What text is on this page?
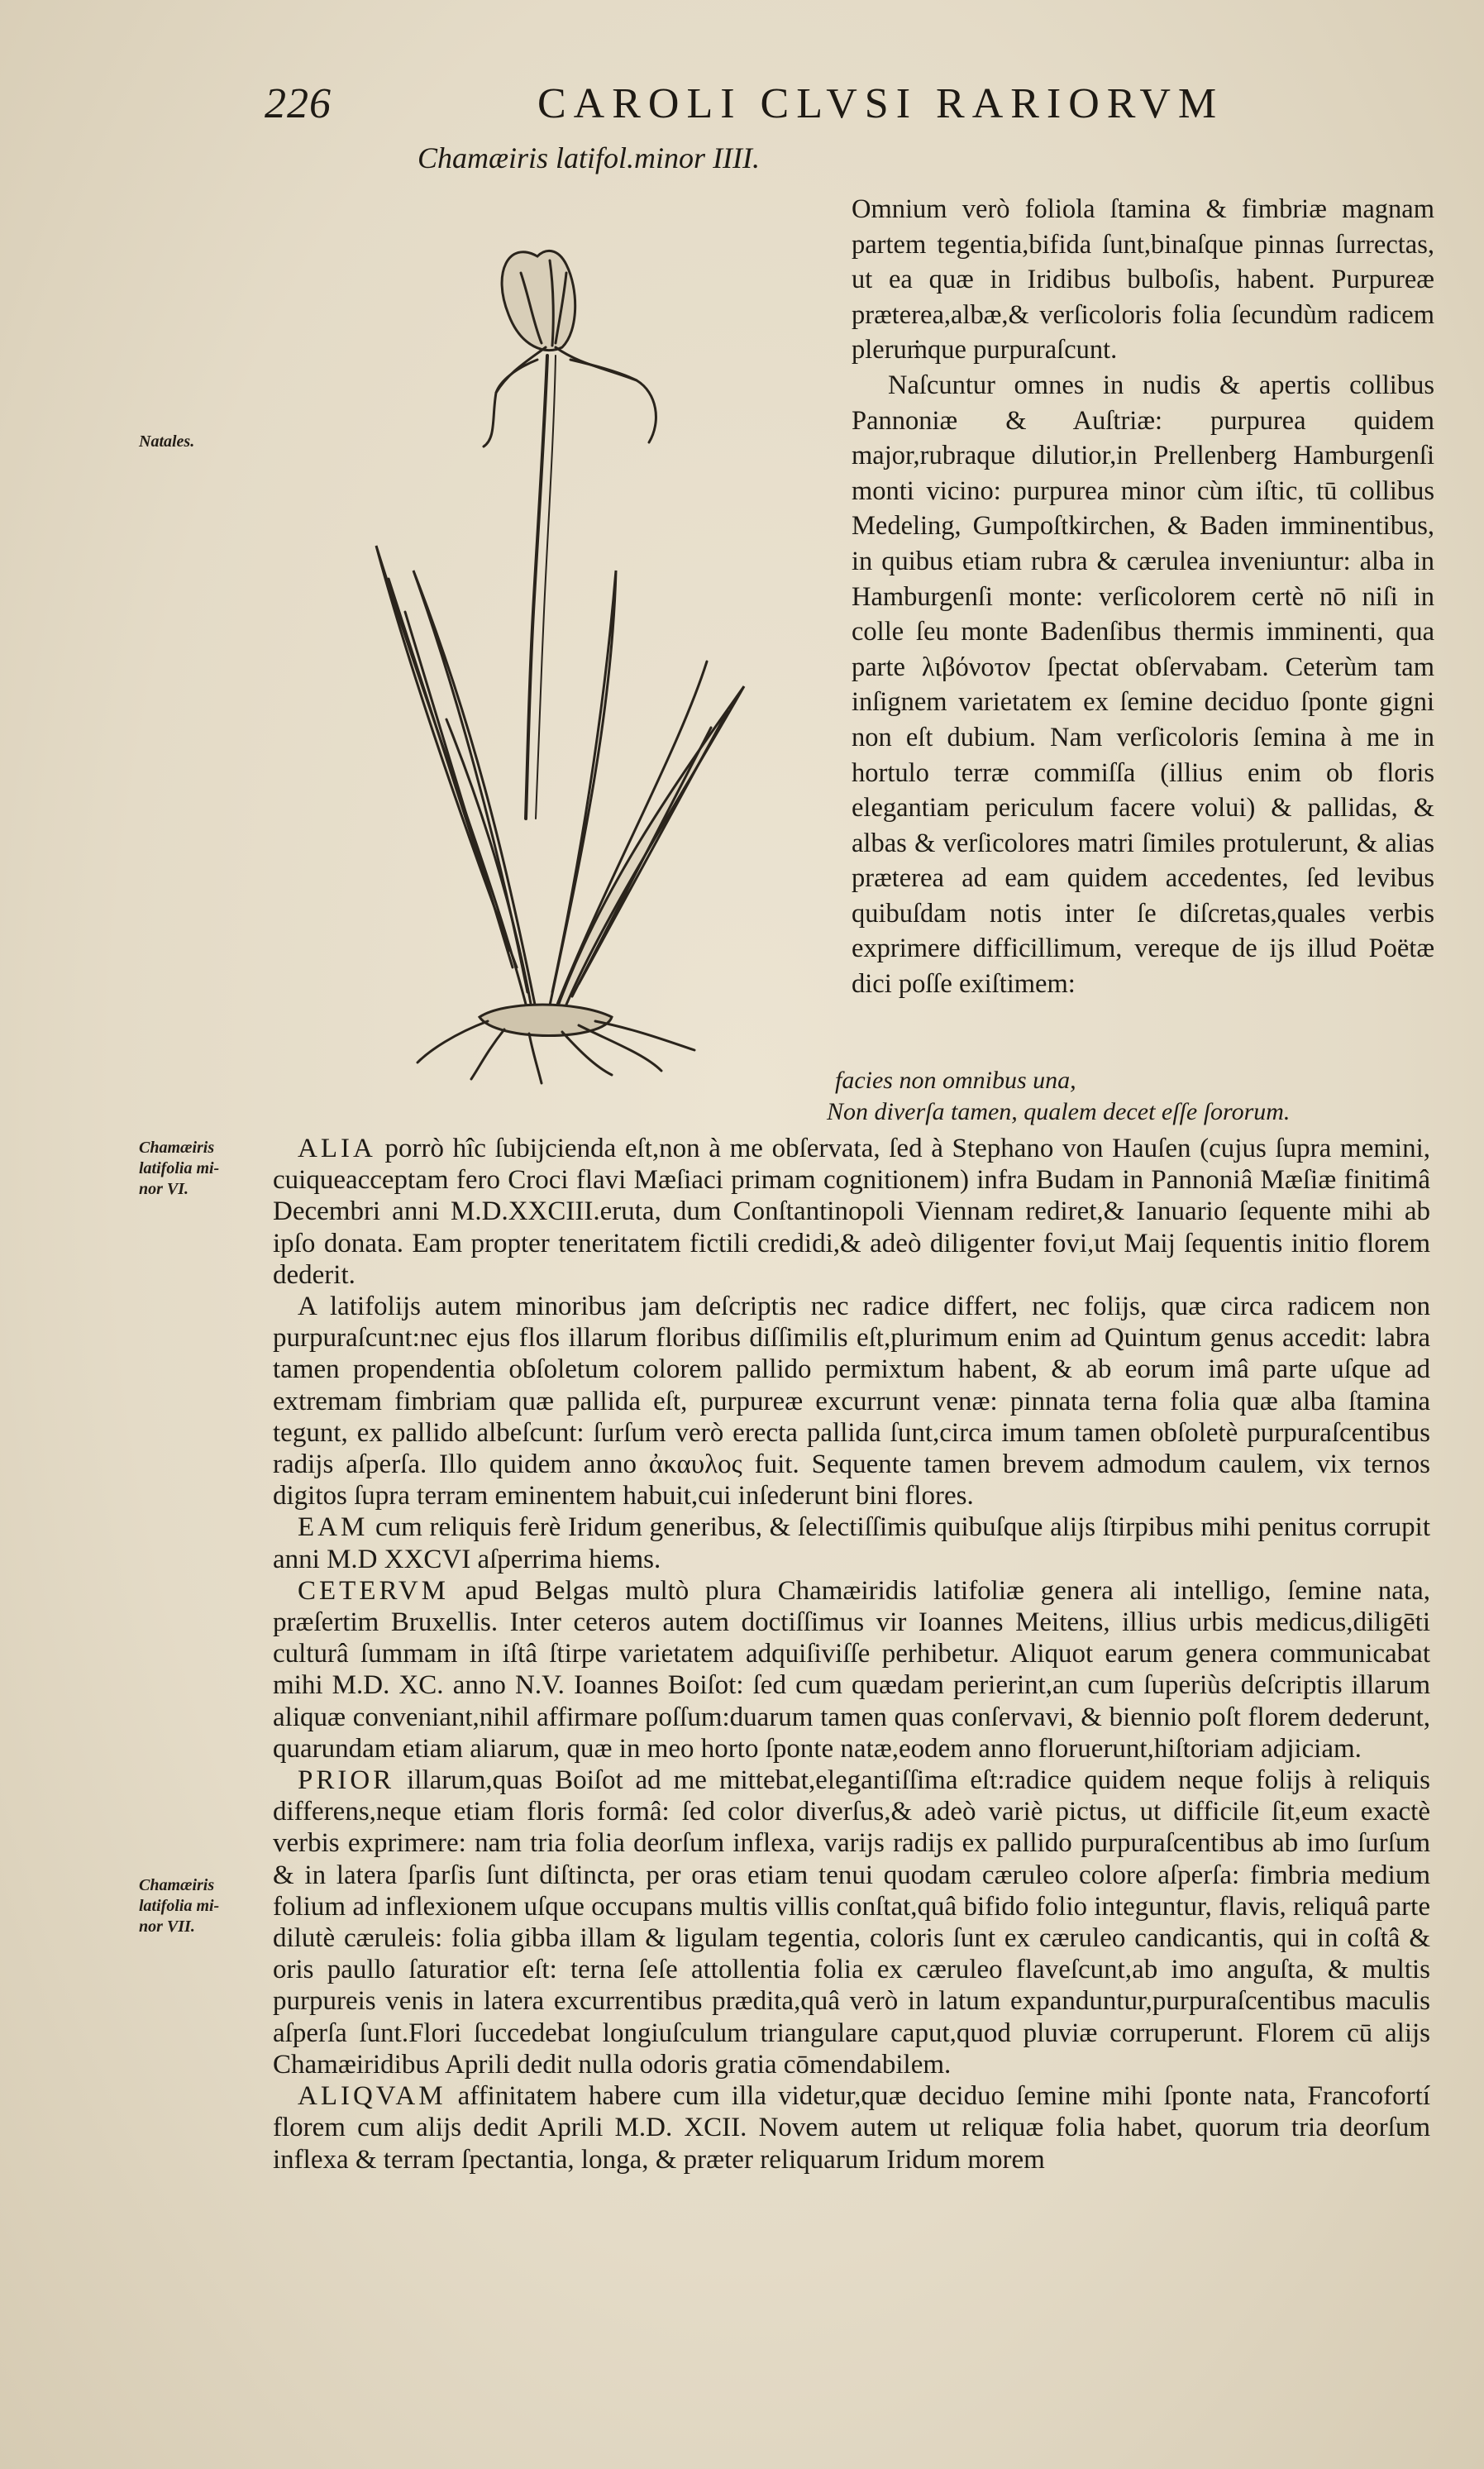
226	CAROLI CLVSI RARIORVM
Chamæiris latifol.minor IIII.

Omnium verò foliola ſtamina & fimbriæ magnam partem tegentia,bifida ſunt,binaſque pinnas ſurrectas, ut ea quæ in Iridibus bulboſis, habent. Purpureæ præterea,albæ,& verſicoloris folia ſecundùm radicem pleruṁque purpuraſcunt.

Naſcuntur omnes in nudis & apertis collibus Pannoniæ & Auſtriæ: purpurea quidem major,rubraque dilutior,in Prellenberg Hamburgenſi monti vicino: purpurea minor cùm iſtic, tū collibus Medeling, Gumpoſtkirchen, & Baden imminentibus, in quibus etiam rubra & cærulea inveniuntur: alba in Hamburgenſi monte: verſicolorem certè nō niſi in colle ſeu monte Badenſibus thermis imminenti, qua parte λιβόνοτον ſpectat obſervabam. Ceterùm tam inſignem varietatem ex ſemine deciduo ſponte gigni non eſt dubium. Nam verſicoloris ſemina à me in hortulo terræ commiſſa (illius enim ob floris elegantiam periculum facere volui) & pallidas, & albas & verſicolores matri ſimiles protulerunt, & alias præterea ad eam quidem accedentes, ſed levibus quibuſdam notis inter ſe diſcretas,quales verbis exprimere difficillimum, vereque de ijs illud Poëtæ dici poſſe exiſtimem:

facies non omnibus una,
Non diverſa tamen, qualem decet eſſe ſororum.
Natales.
Chamæiris
latifolia mi-
nor VI.
Chamæiris
latifolia mi-
nor VII.

ALIA porrò hîc ſubijcienda eſt,non à me obſervata, ſed à Stephano von Hauſen (cujus ſupra memini, cuiqueacceptam fero Croci flavi Mæſiaci primam cognitionem) infra Budam in Pannoniâ Mæſiæ finitimâ Decembri anni M.D.XXCIII.eruta, dum Conſtantinopoli Viennam rediret,& Ianuario ſequente mihi ab ipſo donata. Eam propter teneritatem fictili credidi,& adeò diligenter fovi,ut Maij ſequentis initio florem dederit.

A latifolijs autem minoribus jam deſcriptis nec radice differt, nec folijs, quæ circa radicem non purpuraſcunt:nec ejus flos illarum floribus diſſimilis eſt,plurimum enim ad Quintum genus accedit: labra tamen propendentia obſoletum colorem pallido permixtum habent, & ab eorum imâ parte uſque ad extremam fimbriam quæ pallida eſt, purpureæ excurrunt venæ: pinnata terna folia quæ alba ſtamina tegunt, ex pallido albeſcunt: ſurſum verò erecta pallida ſunt,circa imum tamen obſoletè purpuraſcentibus radijs aſperſa. Illo quidem anno ἀκαυλος fuit. Sequente tamen brevem admodum caulem, vix ternos digitos ſupra terram eminentem habuit,cui inſederunt bini flores.

EAM cum reliquis ferè Iridum generibus, & ſelectiſſimis quibuſque alijs ſtirpibus mihi penitus corrupit anni M.D XXCVI aſperrima hiems.

CETERVM apud Belgas multò plura Chamæiridis latifoliæ genera ali intelligo, ſemine nata, præſertim Bruxellis. Inter ceteros autem doctiſſimus vir Ioannes Meitens, illius urbis medicus,diligēti culturâ ſummam in iſtâ ſtirpe varietatem adquiſiviſſe perhibetur. Aliquot earum genera communicabat mihi M.D. XC. anno N.V. Ioannes Boiſot: ſed cum quædam perierint,an cum ſuperiùs deſcriptis illarum aliquæ conveniant,nihil affirmare poſſum:duarum tamen quas conſervavi, & biennio poſt florem dederunt, quarundam etiam aliarum, quæ in meo horto ſponte natæ,eodem anno floruerunt,hiſtoriam adjiciam.

PRIOR illarum,quas Boiſot ad me mittebat,elegantiſſima eſt:radice quidem neque folijs à reliquis differens,neque etiam floris formâ: ſed color diverſus,& adeò variè pictus, ut difficile ſit,eum exactè verbis exprimere: nam tria folia deorſum inflexa, varijs radijs ex pallido purpuraſcentibus ab imo ſurſum & in latera ſparſis ſunt diſtincta, per oras etiam tenui quodam cæruleo colore aſperſa: fimbria medium folium ad inflexionem uſque occupans multis villis conſtat,quâ bifido folio integuntur, flavis, reliquâ parte dilutè cæruleis: folia gibba illam & ligulam tegentia, coloris ſunt ex cæruleo candicantis, qui in coſtâ & oris paullo ſaturatior eſt: terna ſeſe attollentia folia ex cæruleo flaveſcunt,ab imo anguſta, & multis purpureis venis in latera excurrentibus prædita,quâ verò in latum expanduntur,purpuraſcentibus maculis aſperſa ſunt.Flori ſuccedebat longiuſculum triangulare caput,quod pluviæ corruperunt. Florem cū alijs Chamæiridibus Aprili dedit nulla odoris gratia cōmendabilem.

ALIQVAM affinitatem habere cum illa videtur,quæ deciduo ſemine mihi ſponte nata, Francofortí florem cum alijs dedit Aprili M.D. XCII. Novem autem ut reliquæ folia habet, quorum tria deorſum inflexa & terram ſpectantia, longa, & præter reliquarum Iridum morem
